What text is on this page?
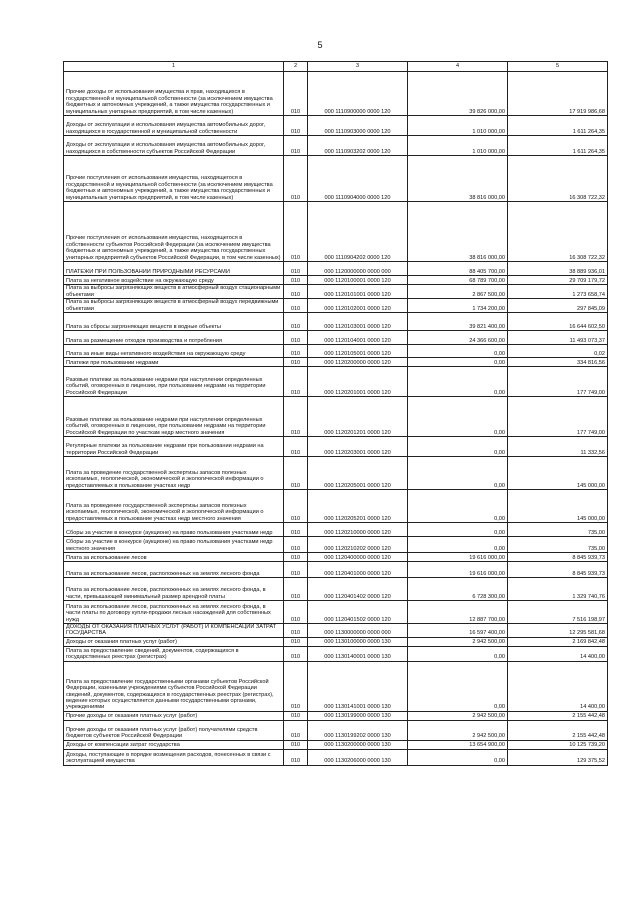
5
1	2	3	4	5
Прочие доходы от использования имущества и прав, находящихся в государственной и муниципальной собственности (за исключением имущества бюджетных и автономных учреждений, а также имущества государственных и муниципальных унитарных предприятий, в том числе казенных)	010	000 1110900000 0000 120	39 826 000,00	17 919 986,68
Доходы от эксплуатации и использования имущества автомобильных дорог, находящихся в государственной и муниципальной собственности	010	000 1110903000 0000 120	1 010 000,00	1 611 264,35
Доходы от эксплуатации и использования имущества автомобильных дорог, находящихся в собственности субъектов Российской Федерации	010	000 1110903202 0000 120	1 010 000,00	1 611 264,35
Прочие поступления от использования имущества, находящегося в государственной и муниципальной собственности (за исключением имущества бюджетных и автономных учреждений, а также имущества государственных и муниципальных унитарных предприятий, в том числе казенных)	010	000 1110904000 0000 120	38 816 000,00	16 308 722,32
Прочие поступления от использования имущества, находящегося в собственности субъектов Российской Федерации (за исключением имущества бюджетных и автономных учреждений, а также имущества государственных унитарных предприятий субъектов Российской Федерации, в том числе казенных)	010	000 1110904202 0000 120	38 816 000,00	16 308 722,32
ПЛАТЕЖИ ПРИ ПОЛЬЗОВАНИИ ПРИРОДНЫМИ РЕСУРСАМИ	010	000 1120000000 0000 000	88 405 700,00	38 889 936,01
Плата за негативное воздействие на окружающую среду	010	000 1120100001 0000 120	68 789 700,00	29 709 179,72
Плата за выбросы загрязняющих веществ в атмосферный воздух стационарными объектами	010	000 1120101001 0000 120	2 867 500,00	1 273 658,74
Плата за выбросы загрязняющих веществ в атмосферный воздух передвижными объектами	010	000 1120102001 0000 120	1 734 200,00	297 845,09
Плата за сбросы загрязняющих веществ в водные объекты	010	000 1120103001 0000 120	39 821 400,00	16 644 602,50
Плата за размещение отходов производства и потребления	010	000 1120104001 0000 120	24 366 600,00	11 493 073,37
Плата за иные виды негативного воздействия на окружающую среду	010	000 1120105001 0000 120	0,00	0,02
Платежи при пользовании недрами	010	000 1120200000 0000 120	0,00	334 816,56
Разовые платежи за пользование недрами при наступлении определенных событий, оговоренных в лицензии, при пользовании недрами на территории Российской Федерации	010	000 1120201001 0000 120	0,00	177 749,00
Разовые платежи за пользование недрами при наступлении определенных событий, оговоренных в лицензии, при пользовании недрами на территории Российской Федерации по участкам недр местного значения	010	000 1120201201 0000 120	0,00	177 749,00
Регулярные платежи за пользование недрами при пользовании недрами на территории Российской Федерации	010	000 1120203001 0000 120	0,00	11 332,56
Плата за проведение государственной экспертизы запасов полезных ископаемых, геологической, экономической и экологической информации о предоставляемых в пользование участках недр	010	000 1120205001 0000 120	0,00	145 000,00
Плата за проведение государственной экспертизы запасов полезных ископаемых, геологической, экономической и экологической информации о предоставляемых в пользование участках недр местного значения	010	000 1120205201 0000 120	0,00	145 000,00
Сборы за участие в конкурсе (аукционе) на право пользования участками недр	010	000 1120210000 0000 120	0,00	735,00
Сборы за участие в конкурсе (аукционе) на право пользования участками недр местного значения	010	000 1120210202 0000 120	0,00	735,00
Плата за использование лесов	010	000 1120400000 0000 120	19 616 000,00	8 845 939,73
Плата за использование лесов, расположенных на землях лесного фонда	010	000 1120401000 0000 120	19 616 000,00	8 845 939,73
Плата за использование лесов, расположенных на землях лесного фонда, в части, превышающей минимальный размер арендной платы	010	000 1120401402 0000 120	6 728 300,00	1 329 740,76
Плата за использование лесов, расположенных на землях лесного фонда, в части платы по договору купли-продажи лесных насаждений для собственных нужд	010	000 1120401502 0000 120	12 887 700,00	7 516 198,97
ДОХОДЫ ОТ ОКАЗАНИЯ ПЛАТНЫХ УСЛУГ (РАБОТ) И КОМПЕНСАЦИИ ЗАТРАТ ГОСУДАРСТВА	010	000 1130000000 0000 000	16 597 400,00	12 295 581,68
Доходы от оказания платных услуг (работ)	010	000 1130100000 0000 130	2 942 500,00	2 169 842,48
Плата за предоставление сведений, документов, содержащихся в государственных реестрах (регистрах)	010	000 1130140001 0000 130	0,00	14 400,00
Плата за предоставление государственными органами субъектов Российской Федерации, казенными учреждениями субъектов Российской Федерации сведений, документов, содержащихся в государственных реестрах (регистрах), ведение которых осуществляется данными государственными органами, учреждениями	010	000 1130141001 0000 130	0,00	14 400,00
Прочие доходы от оказания платных услуг (работ)	010	000 1130199000 0000 130	2 942 500,00	2 155 442,48
Прочие доходы от оказания платных услуг (работ) получателями средств бюджетов субъектов Российской Федерации	010	000 1130199202 0000 130	2 942 500,00	2 155 442,48
Доходы от компенсации затрат государства	010	000 1130200000 0000 130	13 654 900,00	10 125 739,20
Доходы, поступающие в порядке возмещения расходов, понесенных в связи с эксплуатацией имущества	010	000 1130206000 0000 130	0,00	129 375,52
